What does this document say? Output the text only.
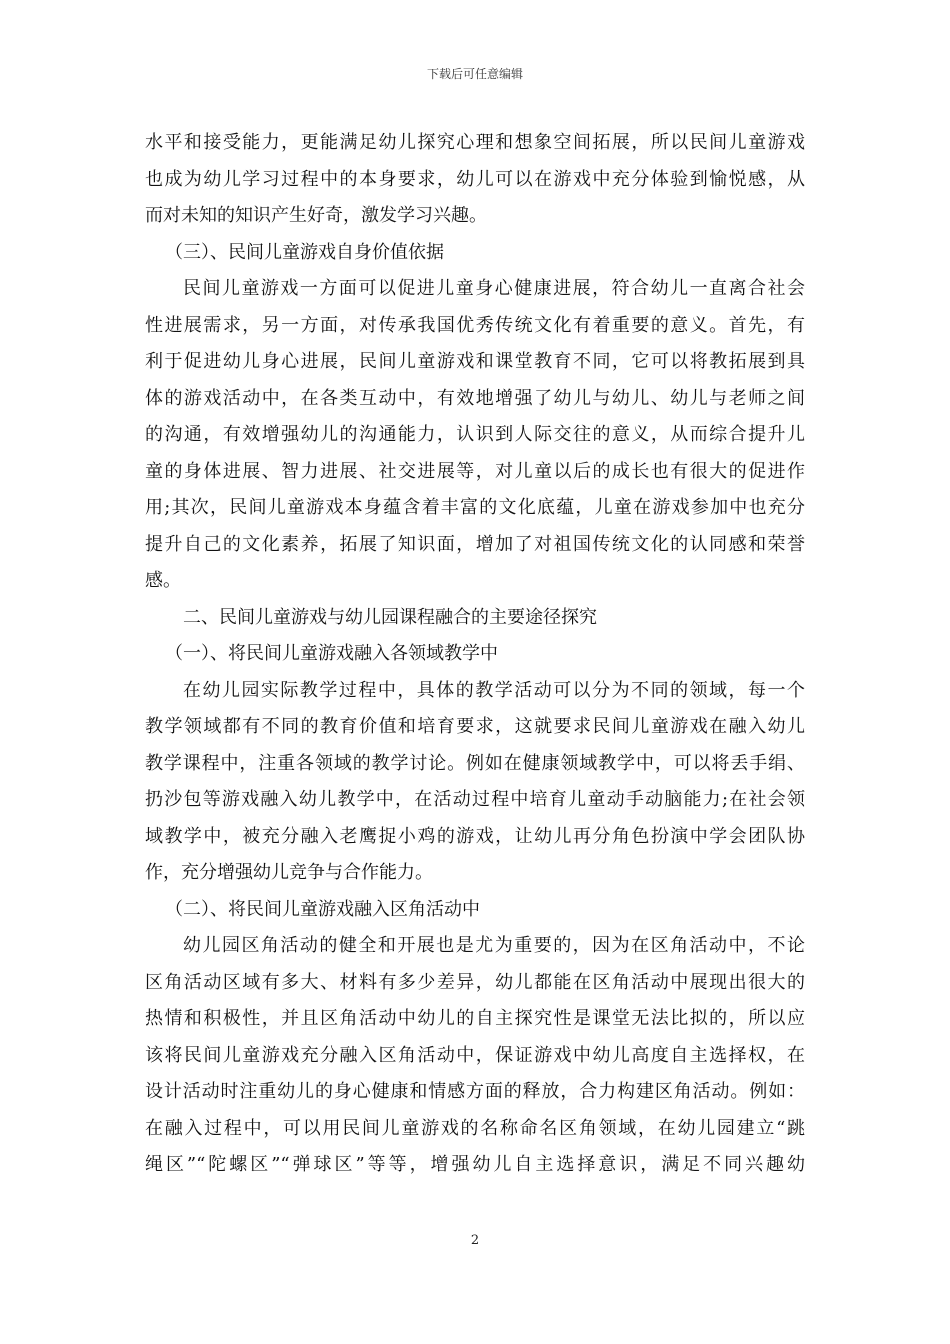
下载后可任意编辑
水平和接受能力，更能满足幼儿探究心理和想象空间拓展，所以民间儿童游戏
也成为幼儿学习过程中的本身要求，幼儿可以在游戏中充分体验到愉悦感，从
而对未知的知识产生好奇，激发学习兴趣。
（三）、民间儿童游戏自身价值依据
民间儿童游戏一方面可以促进儿童身心健康进展，符合幼儿一直离合社会
性进展需求，另一方面，对传承我国优秀传统文化有着重要的意义。首先，有
利于促进幼儿身心进展，民间儿童游戏和课堂教育不同，它可以将教拓展到具
体的游戏活动中，在各类互动中，有效地增强了幼儿与幼儿、幼儿与老师之间
的沟通，有效增强幼儿的沟通能力，认识到人际交往的意义，从而综合提升儿
童的身体进展、智力进展、社交进展等，对儿童以后的成长也有很大的促进作
用;其次，民间儿童游戏本身蕴含着丰富的文化底蕴，儿童在游戏参加中也充分
提升自己的文化素养，拓展了知识面，增加了对祖国传统文化的认同感和荣誉
感。
二、民间儿童游戏与幼儿园课程融合的主要途径探究
（一）、将民间儿童游戏融入各领域教学中
在幼儿园实际教学过程中，具体的教学活动可以分为不同的领域，每一个
教学领域都有不同的教育价值和培育要求，这就要求民间儿童游戏在融入幼儿
教学课程中，注重各领域的教学讨论。例如在健康领域教学中，可以将丢手绢、
扔沙包等游戏融入幼儿教学中，在活动过程中培育儿童动手动脑能力;在社会领
域教学中，被充分融入老鹰捉小鸡的游戏，让幼儿再分角色扮演中学会团队协
作，充分增强幼儿竞争与合作能力。
（二）、将民间儿童游戏融入区角活动中
幼儿园区角活动的健全和开展也是尤为重要的，因为在区角活动中，不论
区角活动区域有多大、材料有多少差异，幼儿都能在区角活动中展现出很大的
热情和积极性，并且区角活动中幼儿的自主探究性是课堂无法比拟的，所以应
该将民间儿童游戏充分融入区角活动中，保证游戏中幼儿高度自主选择权，在
设计活动时注重幼儿的身心健康和情感方面的释放，合力构建区角活动。例如：
在融入过程中，可以用民间儿童游戏的名称命名区角领域，在幼儿园建立“跳
绳区”“陀螺区”“弹球区”等等，增强幼儿自主选择意识，满足不同兴趣幼
2
